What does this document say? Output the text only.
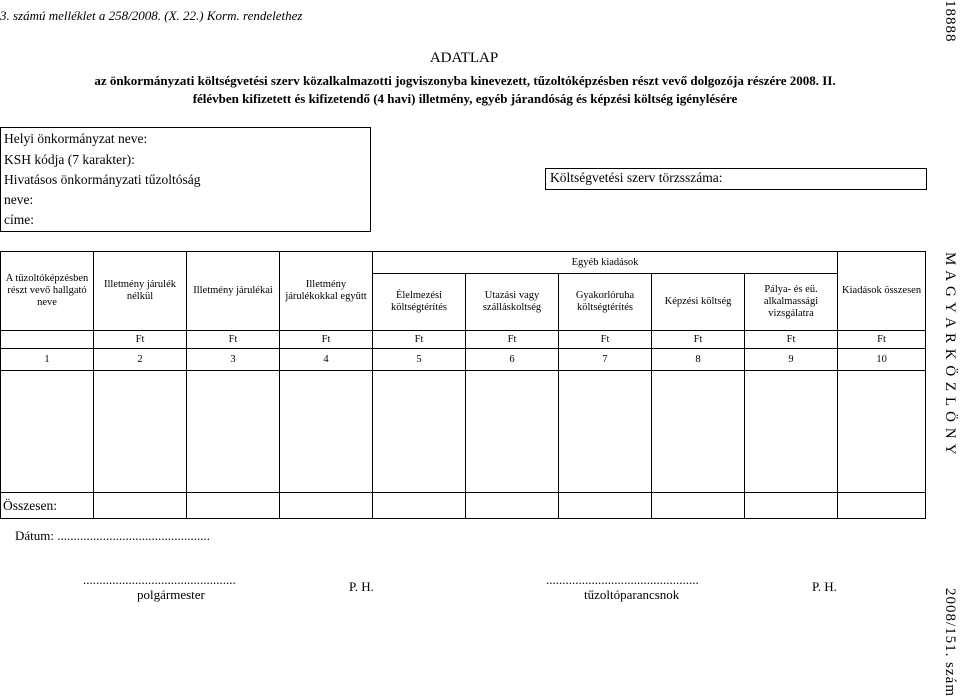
3. számú melléklet a 258/2008. (X. 22.) Korm. rendelethez
ADATLAP
az önkormányzati költségvetési szerv közalkalmazotti jogviszonyba kinevezett, tűzoltóképzésben részt vevő dolgozója részére 2008. II. félévben kifizetett és kifizetendő (4 havi) illetmény, egyéb járandóság és képzési költség igénylésére
18888
M A G Y A R K Ö Z L Ö N Y
2008/151. szám
Helyi önkormányzat neve:
KSH kódja (7 karakter):
Hivatásos önkormányzati tűzoltóság
neve:
címe:
Költségvetési szerv törzsszáma:
A tűzoltóképzésben részt vevő hallgató neve	Illetmény járulék nélkül	Illetmény járulékai	Illetmény járulékokkal együtt	Egyéb kiadások					Kiadások összesen
				Élelmezési költségtérítés	Utazási vagy szálláskoltség	Gyakorlóruha költségtérítés	Képzési költség	Pálya- és eü. alkalmassági vizsgálatra	
	Ft	Ft	Ft	Ft	Ft	Ft	Ft	Ft	Ft
1	2	3	4	5	6	7	8	9	10

Összesen:									
Dátum: ...............................................
...............................................
polgármester
P. H.	...............................................
tűzoltóparancsnok
P. H.
